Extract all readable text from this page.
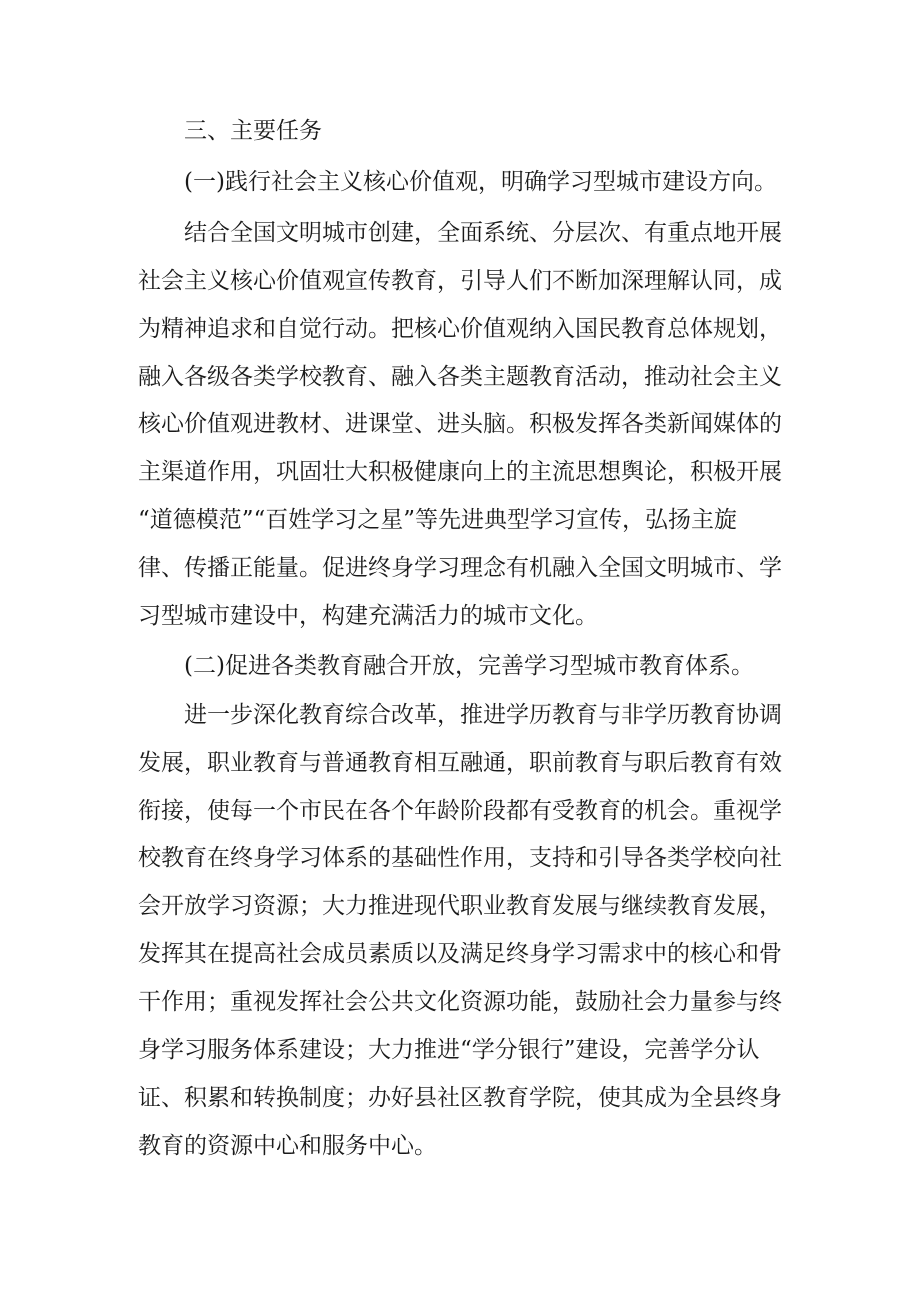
三、主要任务
(一)践行社会主义核心价值观，明确学习型城市建设方向。
结合全国文明城市创建，全面系统、分层次、有重点地开展
社会主义核心价值观宣传教育，引导人们不断加深理解认同，成
为精神追求和自觉行动。把核心价值观纳入国民教育总体规划，
融入各级各类学校教育、融入各类主题教育活动，推动社会主义
核心价值观进教材、进课堂、进头脑。积极发挥各类新闻媒体的
主渠道作用，巩固壮大积极健康向上的主流思想舆论，积极开展
“道德模范”“百姓学习之星”等先进典型学习宣传，弘扬主旋
律、传播正能量。促进终身学习理念有机融入全国文明城市、学
习型城市建设中，构建充满活力的城市文化。
(二)促进各类教育融合开放，完善学习型城市教育体系。
进一步深化教育综合改革，推进学历教育与非学历教育协调
发展，职业教育与普通教育相互融通，职前教育与职后教育有效
衔接，使每一个市民在各个年龄阶段都有受教育的机会。重视学
校教育在终身学习体系的基础性作用，支持和引导各类学校向社
会开放学习资源；大力推进现代职业教育发展与继续教育发展，
发挥其在提高社会成员素质以及满足终身学习需求中的核心和骨
干作用；重视发挥社会公共文化资源功能，鼓励社会力量参与终
身学习服务体系建设；大力推进“学分银行”建设，完善学分认
证、积累和转换制度；办好县社区教育学院，使其成为全县终身
教育的资源中心和服务中心。
